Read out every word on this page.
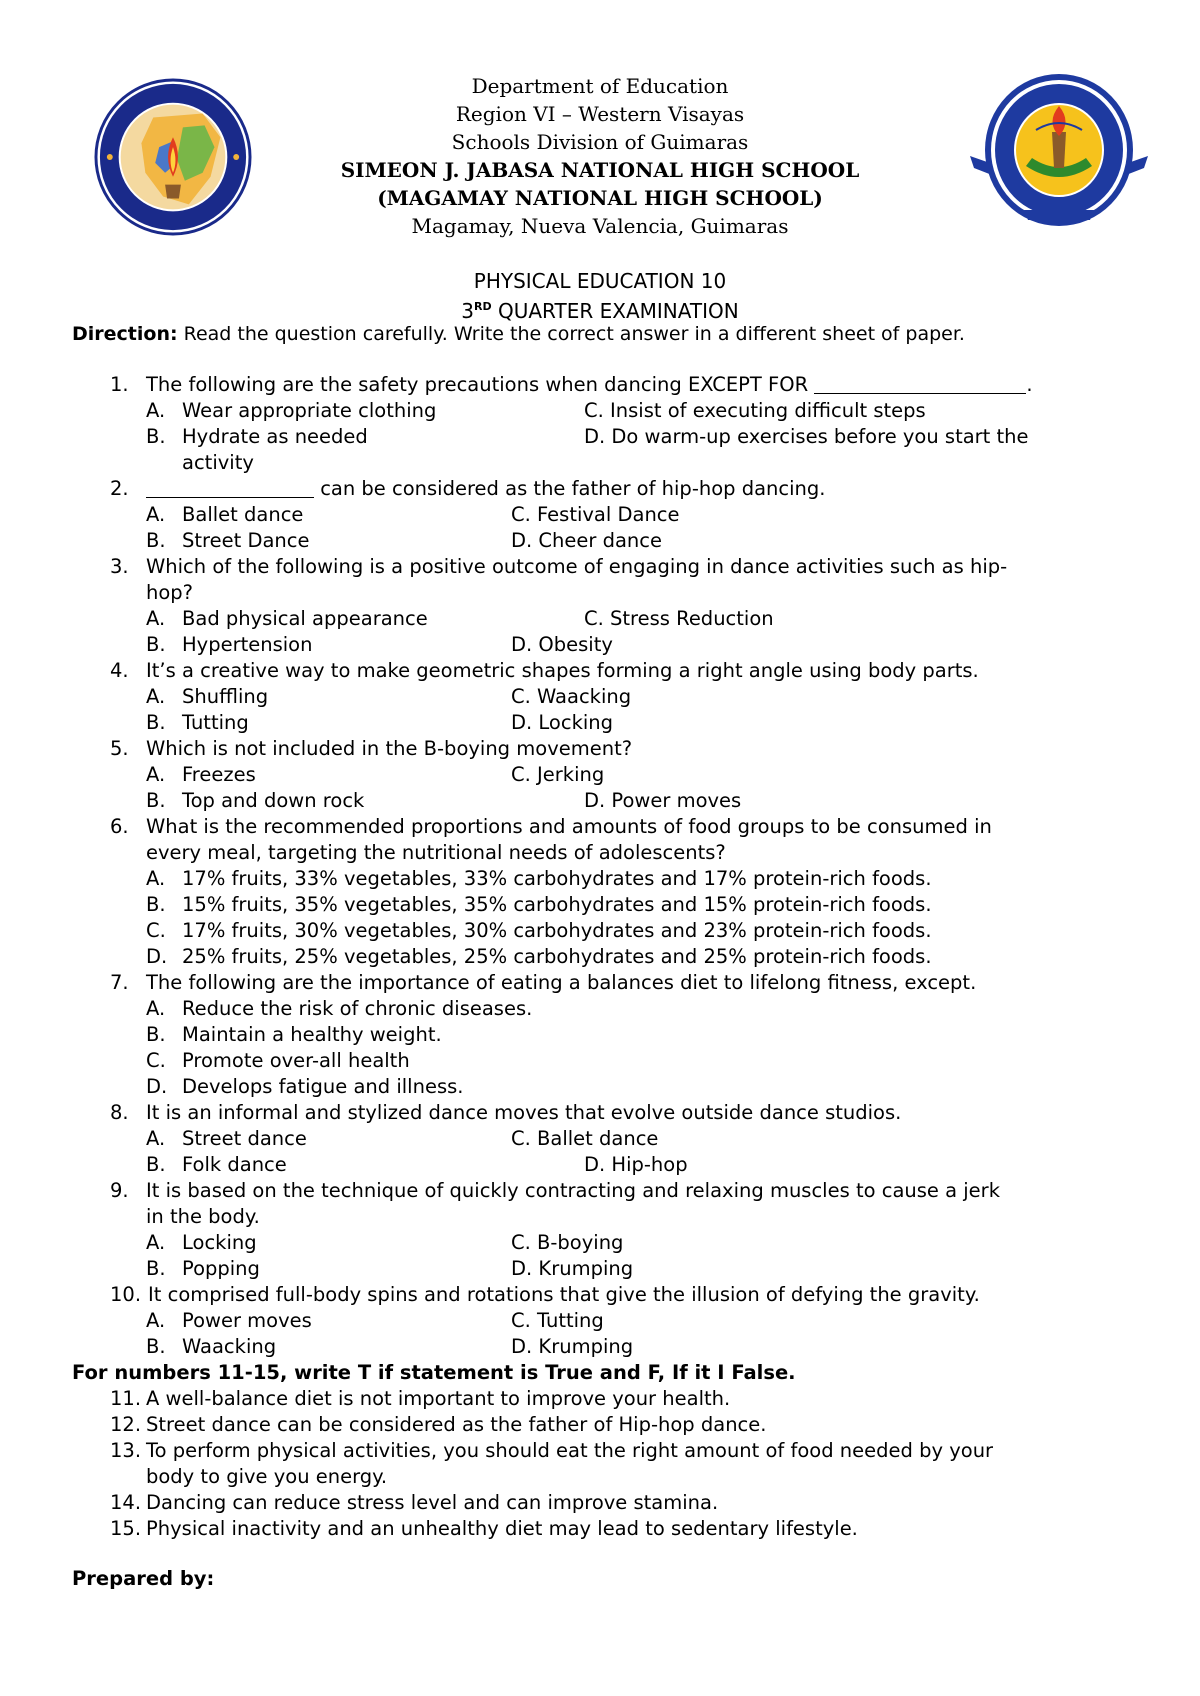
Department of Education
Region VI – Western Visayas
Schools Division of Guimaras
SIMEON J. JABASA NATIONAL HIGH SCHOOL
(MAGAMAY NATIONAL HIGH SCHOOL)
Magamay, Nueva Valencia, Guimaras
PHYSICAL EDUCATION 10
3RD QUARTER EXAMINATION
Direction: Read the question carefully. Write the correct answer in a different sheet of paper.
1. The following are the safety precautions when dancing EXCEPT FOR	.
A. Wear appropriate clothing	C. Insist of executing difficult steps
B. Hydrate as needed	D. Do warm-up exercises before you start the
activity
2.	can be considered as the father of hip-hop dancing.
A. Ballet dance	C. Festival Dance
B. Street Dance	D. Cheer dance
3. Which of the following is a positive outcome of engaging in dance activities such as hip-
hop?
A. Bad physical appearance	C. Stress Reduction
B. Hypertension	D. Obesity
4. It’s a creative way to make geometric shapes forming a right angle using body parts.
A. Shuffling	C. Waacking
B. Tutting	D. Locking
5. Which is not included in the B-boying movement?
A. Freezes	C. Jerking
B. Top and down rock	D. Power moves
6. What is the recommended proportions and amounts of food groups to be consumed in
every meal, targeting the nutritional needs of adolescents?
A. 17% fruits, 33% vegetables, 33% carbohydrates and 17% protein-rich foods.
B. 15% fruits, 35% vegetables, 35% carbohydrates and 15% protein-rich foods.
C. 17% fruits, 30% vegetables, 30% carbohydrates and 23% protein-rich foods.
D. 25% fruits, 25% vegetables, 25% carbohydrates and 25% protein-rich foods.
7. The following are the importance of eating a balances diet to lifelong fitness, except.
A. Reduce the risk of chronic diseases.
B. Maintain a healthy weight.
C. Promote over-all health
D. Develops fatigue and illness.
8. It is an informal and stylized dance moves that evolve outside dance studios.
A. Street dance	C. Ballet dance
B. Folk dance	D. Hip-hop
9. It is based on the technique of quickly contracting and relaxing muscles to cause a jerk
in the body.
A. Locking	C. B-boying
B. Popping	D. Krumping
10. It comprised full-body spins and rotations that give the illusion of defying the gravity.
A. Power moves	C. Tutting
B. Waacking	D. Krumping
For numbers 11-15, write T if statement is True and F, If it I False.
11. A well-balance diet is not important to improve your health.
12. Street dance can be considered as the father of Hip-hop dance.
13. To perform physical activities, you should eat the right amount of food needed by your
body to give you energy.
14. Dancing can reduce stress level and can improve stamina.
15. Physical inactivity and an unhealthy diet may lead to sedentary lifestyle.
Prepared by:
